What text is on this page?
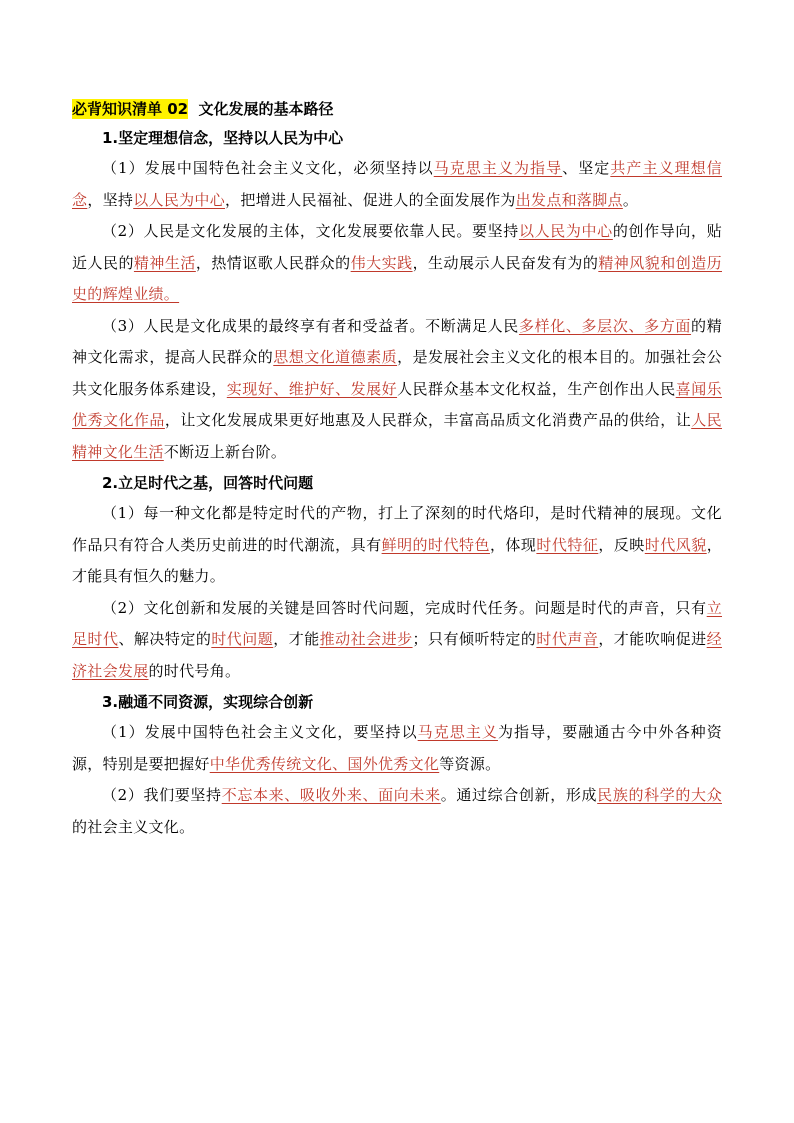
必背知识清单 02  文化发展的基本路径

1.坚定理想信念，坚持以人民为中心

（1）发展中国特色社会主义文化，必须坚持以马克思主义为指导、坚定共产主义理想信念，坚持以人民为中心，把增进人民福祉、促进人的全面发展作为出发点和落脚点。

（2）人民是文化发展的主体，文化发展要依靠人民。要坚持以人民为中心的创作导向，贴近人民的精神生活，热情讴歌人民群众的伟大实践，生动展示人民奋发有为的精神风貌和创造历史的辉煌业绩。

（3）人民是文化成果的最终享有者和受益者。不断满足人民多样化、多层次、多方面的精神文化需求，提高人民群众的思想文化道德素质，是发展社会主义文化的根本目的。加强社会公共文化服务体系建设，实现好、维护好、发展好人民群众基本文化权益，生产创作出人民喜闻乐优秀文化作品，让文化发展成果更好地惠及人民群众，丰富高品质文化消费产品的供给，让人民精神文化生活不断迈上新台阶。

2.立足时代之基，回答时代问题

（1）每一种文化都是特定时代的产物，打上了深刻的时代烙印，是时代精神的展现。文化作品只有符合人类历史前进的时代潮流，具有鲜明的时代特色，体现时代特征，反映时代风貌，才能具有恒久的魅力。

（2）文化创新和发展的关键是回答时代问题，完成时代任务。问题是时代的声音，只有立足时代、解决特定的时代问题，才能推动社会进步；只有倾听特定的时代声音，才能吹响促进经济社会发展的时代号角。

3.融通不同资源，实现综合创新

（1）发展中国特色社会主义文化，要坚持以马克思主义为指导，要融通古今中外各种资源，特别是要把握好中华优秀传统文化、国外优秀文化等资源。

（2）我们要坚持不忘本来、吸收外来、面向未来。通过综合创新，形成民族的科学的大众的社会主义文化。
